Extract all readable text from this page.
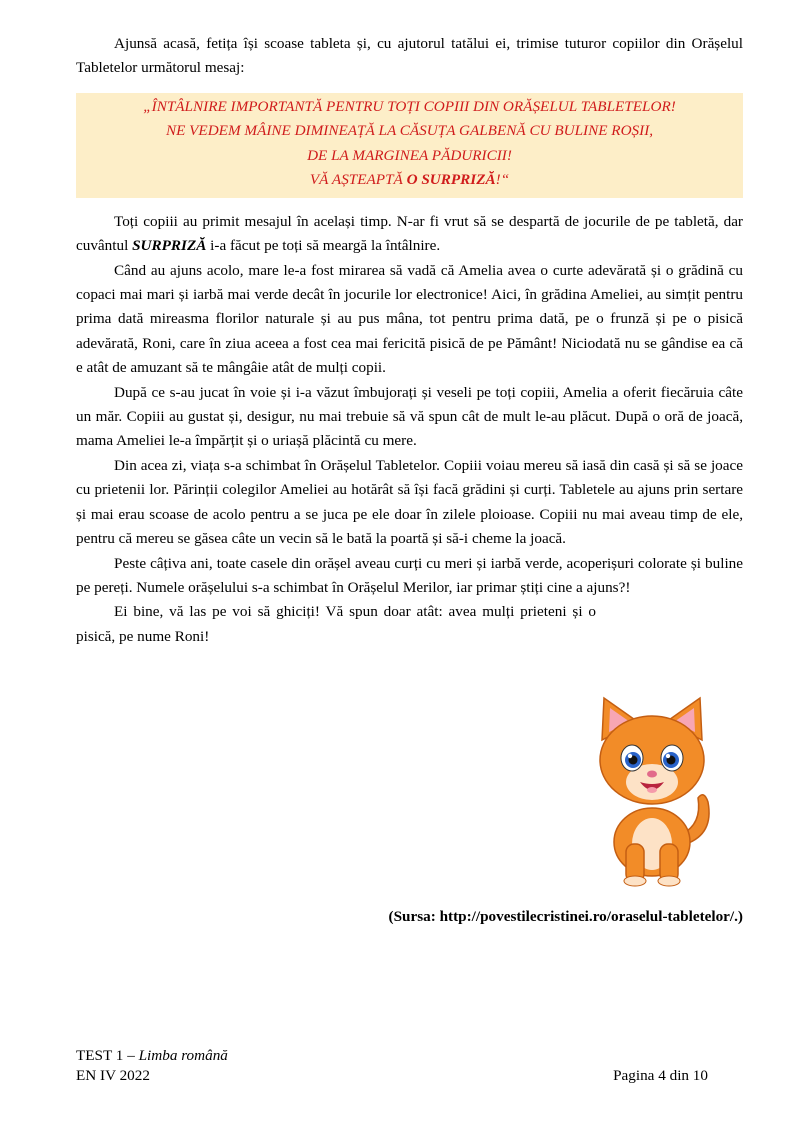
Ajunsă acasă, fetița își scoase tableta și, cu ajutorul tatălui ei, trimise tuturor copiilor din Orășelul Tabletelor următorul mesaj:

„ÎNTÂLNIRE IMPORTANTĂ PENTRU TOȚI COPIII DIN ORĂȘELUL TABLETELOR!
NE VEDEM MÂINE DIMINEAȚĂ LA CĂSUȚA GALBENĂ CU BULINE ROȘII,
DE LA MARGINEA PĂDURICII!
VĂ AȘTEAPTĂ O SURPRIZĂ!“

Toți copiii au primit mesajul în același timp. N-ar fi vrut să se despartă de jocurile de pe tabletă, dar cuvântul SURPRIZĂ i-a făcut pe toți să meargă la întâlnire.

Când au ajuns acolo, mare le-a fost mirarea să vadă că Amelia avea o curte adevărată și o grădină cu copaci mai mari și iarbă mai verde decât în jocurile lor electronice! Aici, în grădina Ameliei, au simțit pentru prima dată mireasma florilor naturale și au pus mâna, tot pentru prima dată, pe o frunză și pe o pisică adevărată, Roni, care în ziua aceea a fost cea mai fericită pisică de pe Pământ! Niciodată nu se gândise ea că e atât de amuzant să te mângâie atât de mulți copii.

După ce s-au jucat în voie și i-a văzut îmbujorați și veseli pe toți copiii, Amelia a oferit fiecăruia câte un măr. Copiii au gustat și, desigur, nu mai trebuie să vă spun cât de mult le-au plăcut. După o oră de joacă, mama Ameliei le-a împărțit și o uriașă plăcintă cu mere.

Din acea zi, viața s-a schimbat în Orășelul Tabletelor. Copiii voiau mereu să iasă din casă și să se joace cu prietenii lor. Părinții colegilor Ameliei au hotărât să își facă grădini și curți. Tabletele au ajuns prin sertare și mai erau scoase de acolo pentru a se juca pe ele doar în zilele ploioase. Copiii nu mai aveau timp de ele, pentru că mereu se găsea câte un vecin să le bată la poartă și să-i cheme la joacă.

Peste câțiva ani, toate casele din orășel aveau curți cu meri și iarbă verde, acoperișuri colorate și buline pe pereți. Numele orășelului s-a schimbat în Orășelul Merilor, iar primar știți cine a ajuns?!

Ei bine, vă las pe voi să ghiciți! Vă spun doar atât: avea mulți prieteni și o pisică, pe nume Roni!

(Sursa: http://povestilecristinei.ro/oraselul-tabletelor/.)
TEST 1 – Limba română
EN IV 2022	Pagina 4 din 10
